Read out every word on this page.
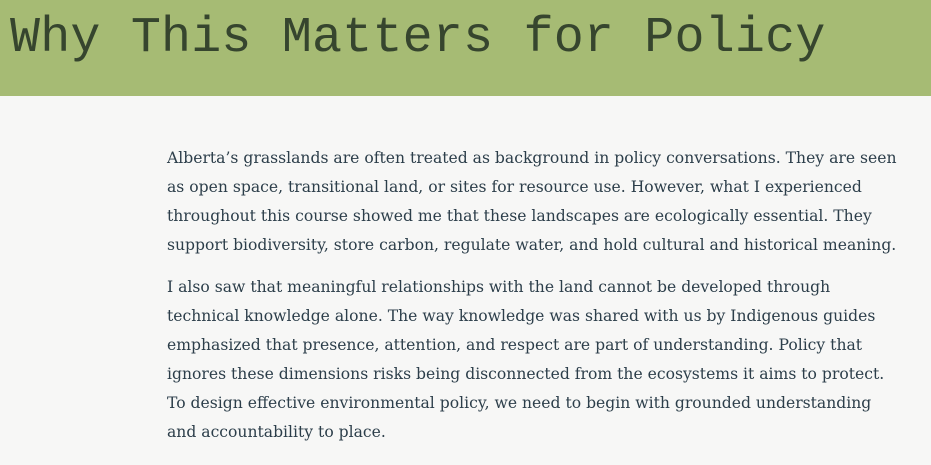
Why This Matters for Policy

Alberta’s grasslands are often treated as background in policy conversations. They are seen as open space, transitional land, or sites for resource use. However, what I experienced throughout this course showed me that these landscapes are ecologically essential. They support biodiversity, store carbon, regulate water, and hold cultural and historical meaning.

I also saw that meaningful relationships with the land cannot be developed through technical knowledge alone. The way knowledge was shared with us by Indigenous guides emphasized that presence, attention, and respect are part of understanding. Policy that ignores these dimensions risks being disconnected from the ecosystems it aims to protect. To design effective environmental policy, we need to begin with grounded understanding and accountability to place.
